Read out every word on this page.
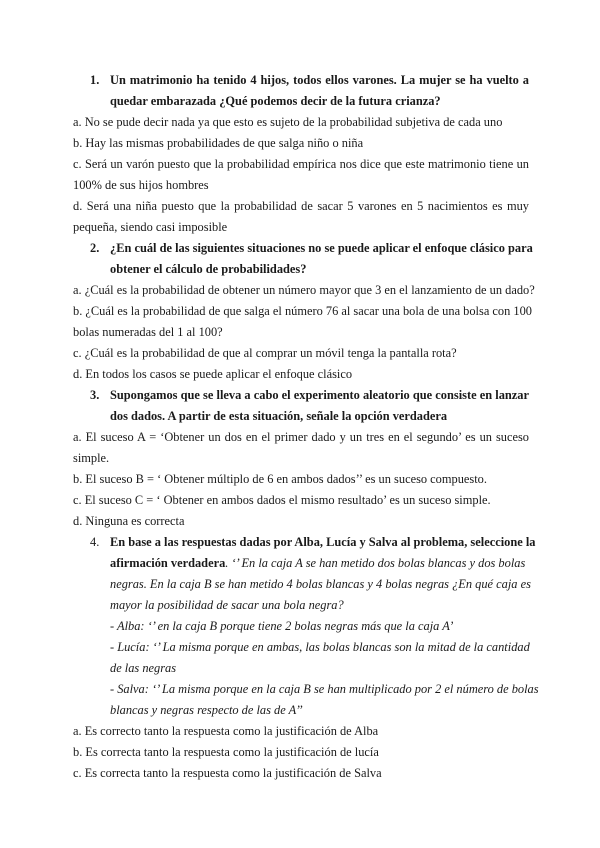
1. Un matrimonio ha tenido 4 hijos, todos ellos varones. La mujer se ha vuelto a
quedar embarazada ¿Qué podemos decir de la futura crianza?
a. No se pude decir nada ya que esto es sujeto de la probabilidad subjetiva de cada uno
b. Hay las mismas probabilidades de que salga niño o niña
c. Será un varón puesto que la probabilidad empírica nos dice que este matrimonio tiene un
100% de sus hijos hombres
d. Será una niña puesto que la probabilidad de sacar 5 varones en 5 nacimientos es muy
pequeña, siendo casi imposible
2. ¿En cuál de las siguientes situaciones no se puede aplicar el enfoque clásico para
obtener el cálculo de probabilidades?
a. ¿Cuál es la probabilidad de obtener un número mayor que 3 en el lanzamiento de un dado?
b. ¿Cuál es la probabilidad de que salga el número 76 al sacar una bola de una bolsa con 100
bolas numeradas del 1 al 100?
c. ¿Cuál es la probabilidad de que al comprar un móvil tenga la pantalla rota?
d. En todos los casos se puede aplicar el enfoque clásico
3. Supongamos que se lleva a cabo el experimento aleatorio que consiste en lanzar
dos dados. A partir de esta situación, señale la opción verdadera
a. El suceso A = ‘Obtener un dos en el primer dado y un tres en el segundo’ es un suceso
simple.
b. El suceso B = ‘ Obtener múltiplo de 6 en ambos dados’’ es un suceso compuesto.
c. El suceso C = ‘ Obtener en ambos dados el mismo resultado’ es un suceso simple.
d. Ninguna es correcta
4. En base a las respuestas dadas por Alba, Lucía y Salva al problema, seleccione la
afirmación verdadera. ‘’ En la caja A se han metido dos bolas blancas y dos bolas
negras. En la caja B se han metido 4 bolas blancas y 4 bolas negras ¿En qué caja es
mayor la posibilidad de sacar una bola negra?
- Alba: ‘’ en la caja B porque tiene 2 bolas negras más que la caja A’
- Lucía: ‘’ La misma porque en ambas, las bolas blancas son la mitad de la cantidad
de las negras
- Salva: ‘’ La misma porque en la caja B se han multiplicado por 2 el número de bolas
blancas y negras respecto de las de A’’
a. Es correcto tanto la respuesta como la justificación de Alba
b. Es correcta tanto la respuesta como la justificación de lucía
c. Es correcta tanto la respuesta como la justificación de Salva
